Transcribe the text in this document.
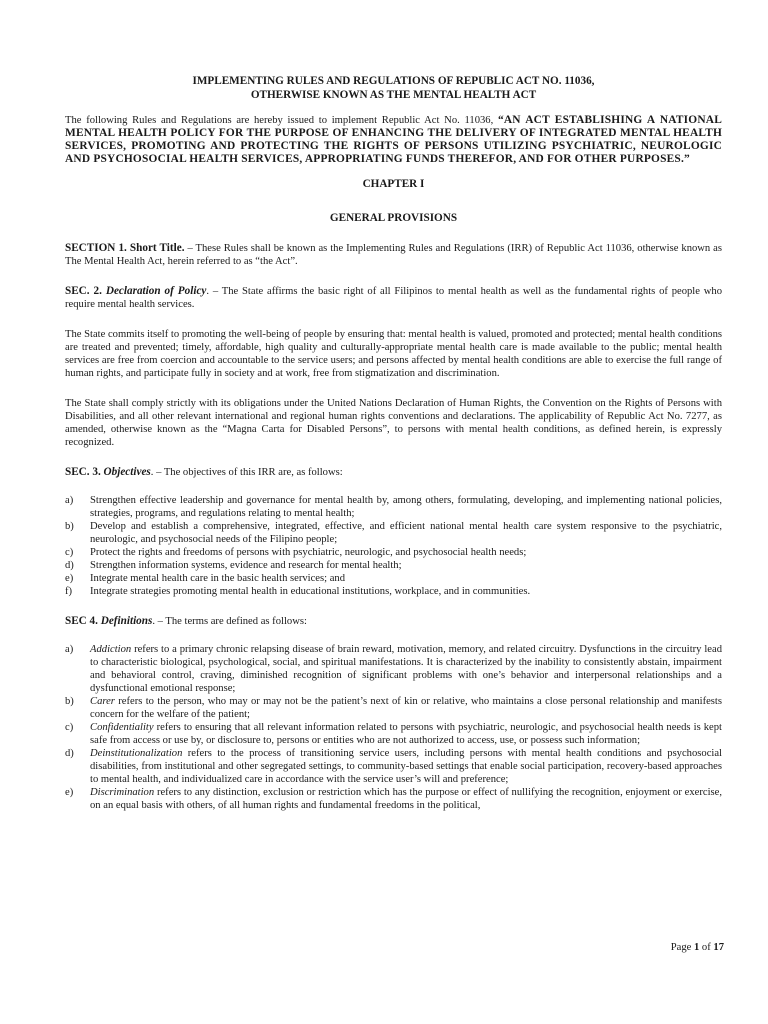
IMPLEMENTING RULES AND REGULATIONS OF REPUBLIC ACT NO. 11036,
OTHERWISE KNOWN AS THE MENTAL HEALTH ACT

The following Rules and Regulations are hereby issued to implement Republic Act No. 11036, “AN ACT ESTABLISHING A NATIONAL MENTAL HEALTH POLICY FOR THE PURPOSE OF ENHANCING THE DELIVERY OF INTEGRATED MENTAL HEALTH SERVICES, PROMOTING AND PROTECTING THE RIGHTS OF PERSONS UTILIZING PSYCHIATRIC, NEUROLOGIC AND PSYCHOSOCIAL HEALTH SERVICES, APPROPRIATING FUNDS THEREFOR, AND FOR OTHER PURPOSES.”

CHAPTER I
GENERAL PROVISIONS

SECTION 1. Short Title. – These Rules shall be known as the Implementing Rules and Regulations (IRR) of Republic Act 11036, otherwise known as The Mental Health Act, herein referred to as “the Act”.

SEC. 2. Declaration of Policy. – The State affirms the basic right of all Filipinos to mental health as well as the fundamental rights of people who require mental health services.

The State commits itself to promoting the well-being of people by ensuring that: mental health is valued, promoted and protected; mental health conditions are treated and prevented; timely, affordable, high quality and culturally-appropriate mental health care is made available to the public; mental health services are free from coercion and accountable to the service users; and persons affected by mental health conditions are able to exercise the full range of human rights, and participate fully in society and at work, free from stigmatization and discrimination.

The State shall comply strictly with its obligations under the United Nations Declaration of Human Rights, the Convention on the Rights of Persons with Disabilities, and all other relevant international and regional human rights conventions and declarations. The applicability of Republic Act No. 7277, as amended, otherwise known as the “Magna Carta for Disabled Persons”, to persons with mental health conditions, as defined herein, is expressly recognized.

SEC. 3. Objectives. – The objectives of this IRR are, as follows:

a) Strengthen effective leadership and governance for mental health by, among others, formulating, developing, and implementing national policies, strategies, programs, and regulations relating to mental health;
b) Develop and establish a comprehensive, integrated, effective, and efficient national mental health care system responsive to the psychiatric, neurologic, and psychosocial needs of the Filipino people;
c) Protect the rights and freedoms of persons with psychiatric, neurologic, and psychosocial health needs;
d) Strengthen information systems, evidence and research for mental health;
e) Integrate mental health care in the basic health services; and
f) Integrate strategies promoting mental health in educational institutions, workplace, and in communities.

SEC 4. Definitions. – The terms are defined as follows:

a) Addiction refers to a primary chronic relapsing disease of brain reward, motivation, memory, and related circuitry. Dysfunctions in the circuitry lead to characteristic biological, psychological, social, and spiritual manifestations. It is characterized by the inability to consistently abstain, impairment and behavioral control, craving, diminished recognition of significant problems with one’s behavior and interpersonal relationships and a dysfunctional emotional response;
b) Carer refers to the person, who may or may not be the patient’s next of kin or relative, who maintains a close personal relationship and manifests concern for the welfare of the patient;
c) Confidentiality refers to ensuring that all relevant information related to persons with psychiatric, neurologic, and psychosocial health needs is kept safe from access or use by, or disclosure to, persons or entities who are not authorized to access, use, or possess such information;
d) Deinstitutionalization refers to the process of transitioning service users, including persons with mental health conditions and psychosocial disabilities, from institutional and other segregated settings, to community-based settings that enable social participation, recovery-based approaches to mental health, and individualized care in accordance with the service user’s will and preference;
e) Discrimination refers to any distinction, exclusion or restriction which has the purpose or effect of nullifying the recognition, enjoyment or exercise, on an equal basis with others, of all human rights and fundamental freedoms in the political,
Page 1 of 17
